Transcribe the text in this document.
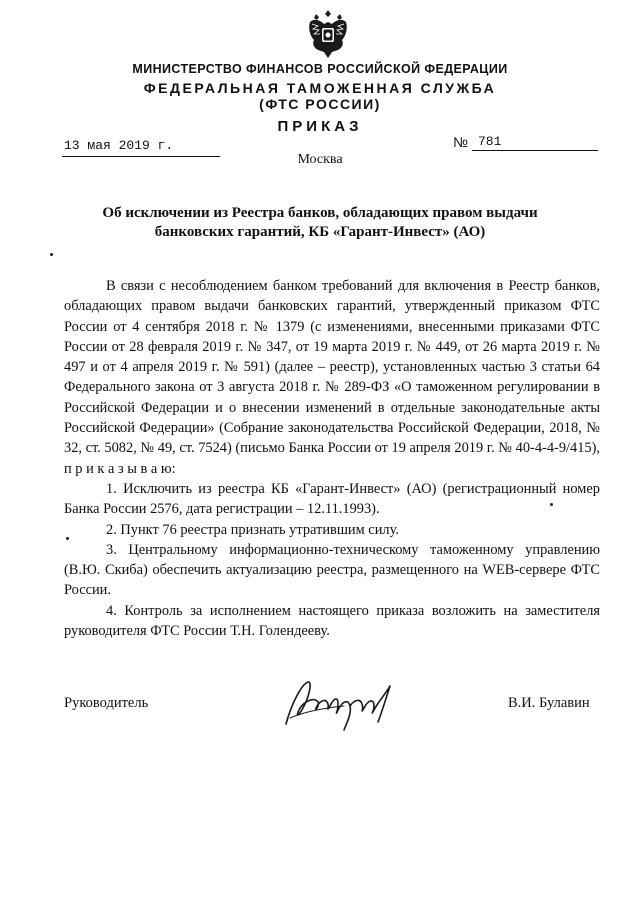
МИНИСТЕРСТВО ФИНАНСОВ РОССИЙСКОЙ ФЕДЕРАЦИИ
ФЕДЕРАЛЬНАЯ ТАМОЖЕННАЯ СЛУЖБА
(ФТС РОССИИ)
ПРИКАЗ
13 мая 2019 г.	№ 781
Москва
Об исключении из Реестра банков, обладающих правом выдачи банковских гарантий, КБ «Гарант-Инвест» (АО)

В связи с несоблюдением банком требований для включения в Реестр банков, обладающих правом выдачи банковских гарантий, утвержденный приказом ФТС России от 4 сентября 2018 г. № 1379 (с изменениями, внесенными приказами ФТС России от 28 февраля 2019 г. № 347, от 19 марта 2019 г. № 449, от 26 марта 2019 г. № 497 и от 4 апреля 2019 г. № 591) (далее – реестр), установленных частью 3 статьи 64 Федерального закона от 3 августа 2018 г. № 289-ФЗ «О таможенном регулировании в Российской Федерации и о внесении изменений в отдельные законодательные акты Российской Федерации» (Собрание законодательства Российской Федерации, 2018, № 32, ст. 5082, № 49, ст. 7524) (письмо Банка России от 19 апреля 2019 г. № 40-4-4-9/415), п р и к а з ы в а ю:

1. Исключить из реестра КБ «Гарант-Инвест» (АО) (регистрационный номер Банка России 2576, дата регистрации – 12.11.1993).

2. Пункт 76 реестра признать утратившим силу.

3. Центральному информационно-техническому таможенному управлению (В.Ю. Скиба) обеспечить актуализацию реестра, размещенного на WEB-сервере ФТС России.

4. Контроль за исполнением настоящего приказа возложить на заместителя руководителя ФТС России Т.Н. Голендееву.

Руководитель	В.И. Булавин
